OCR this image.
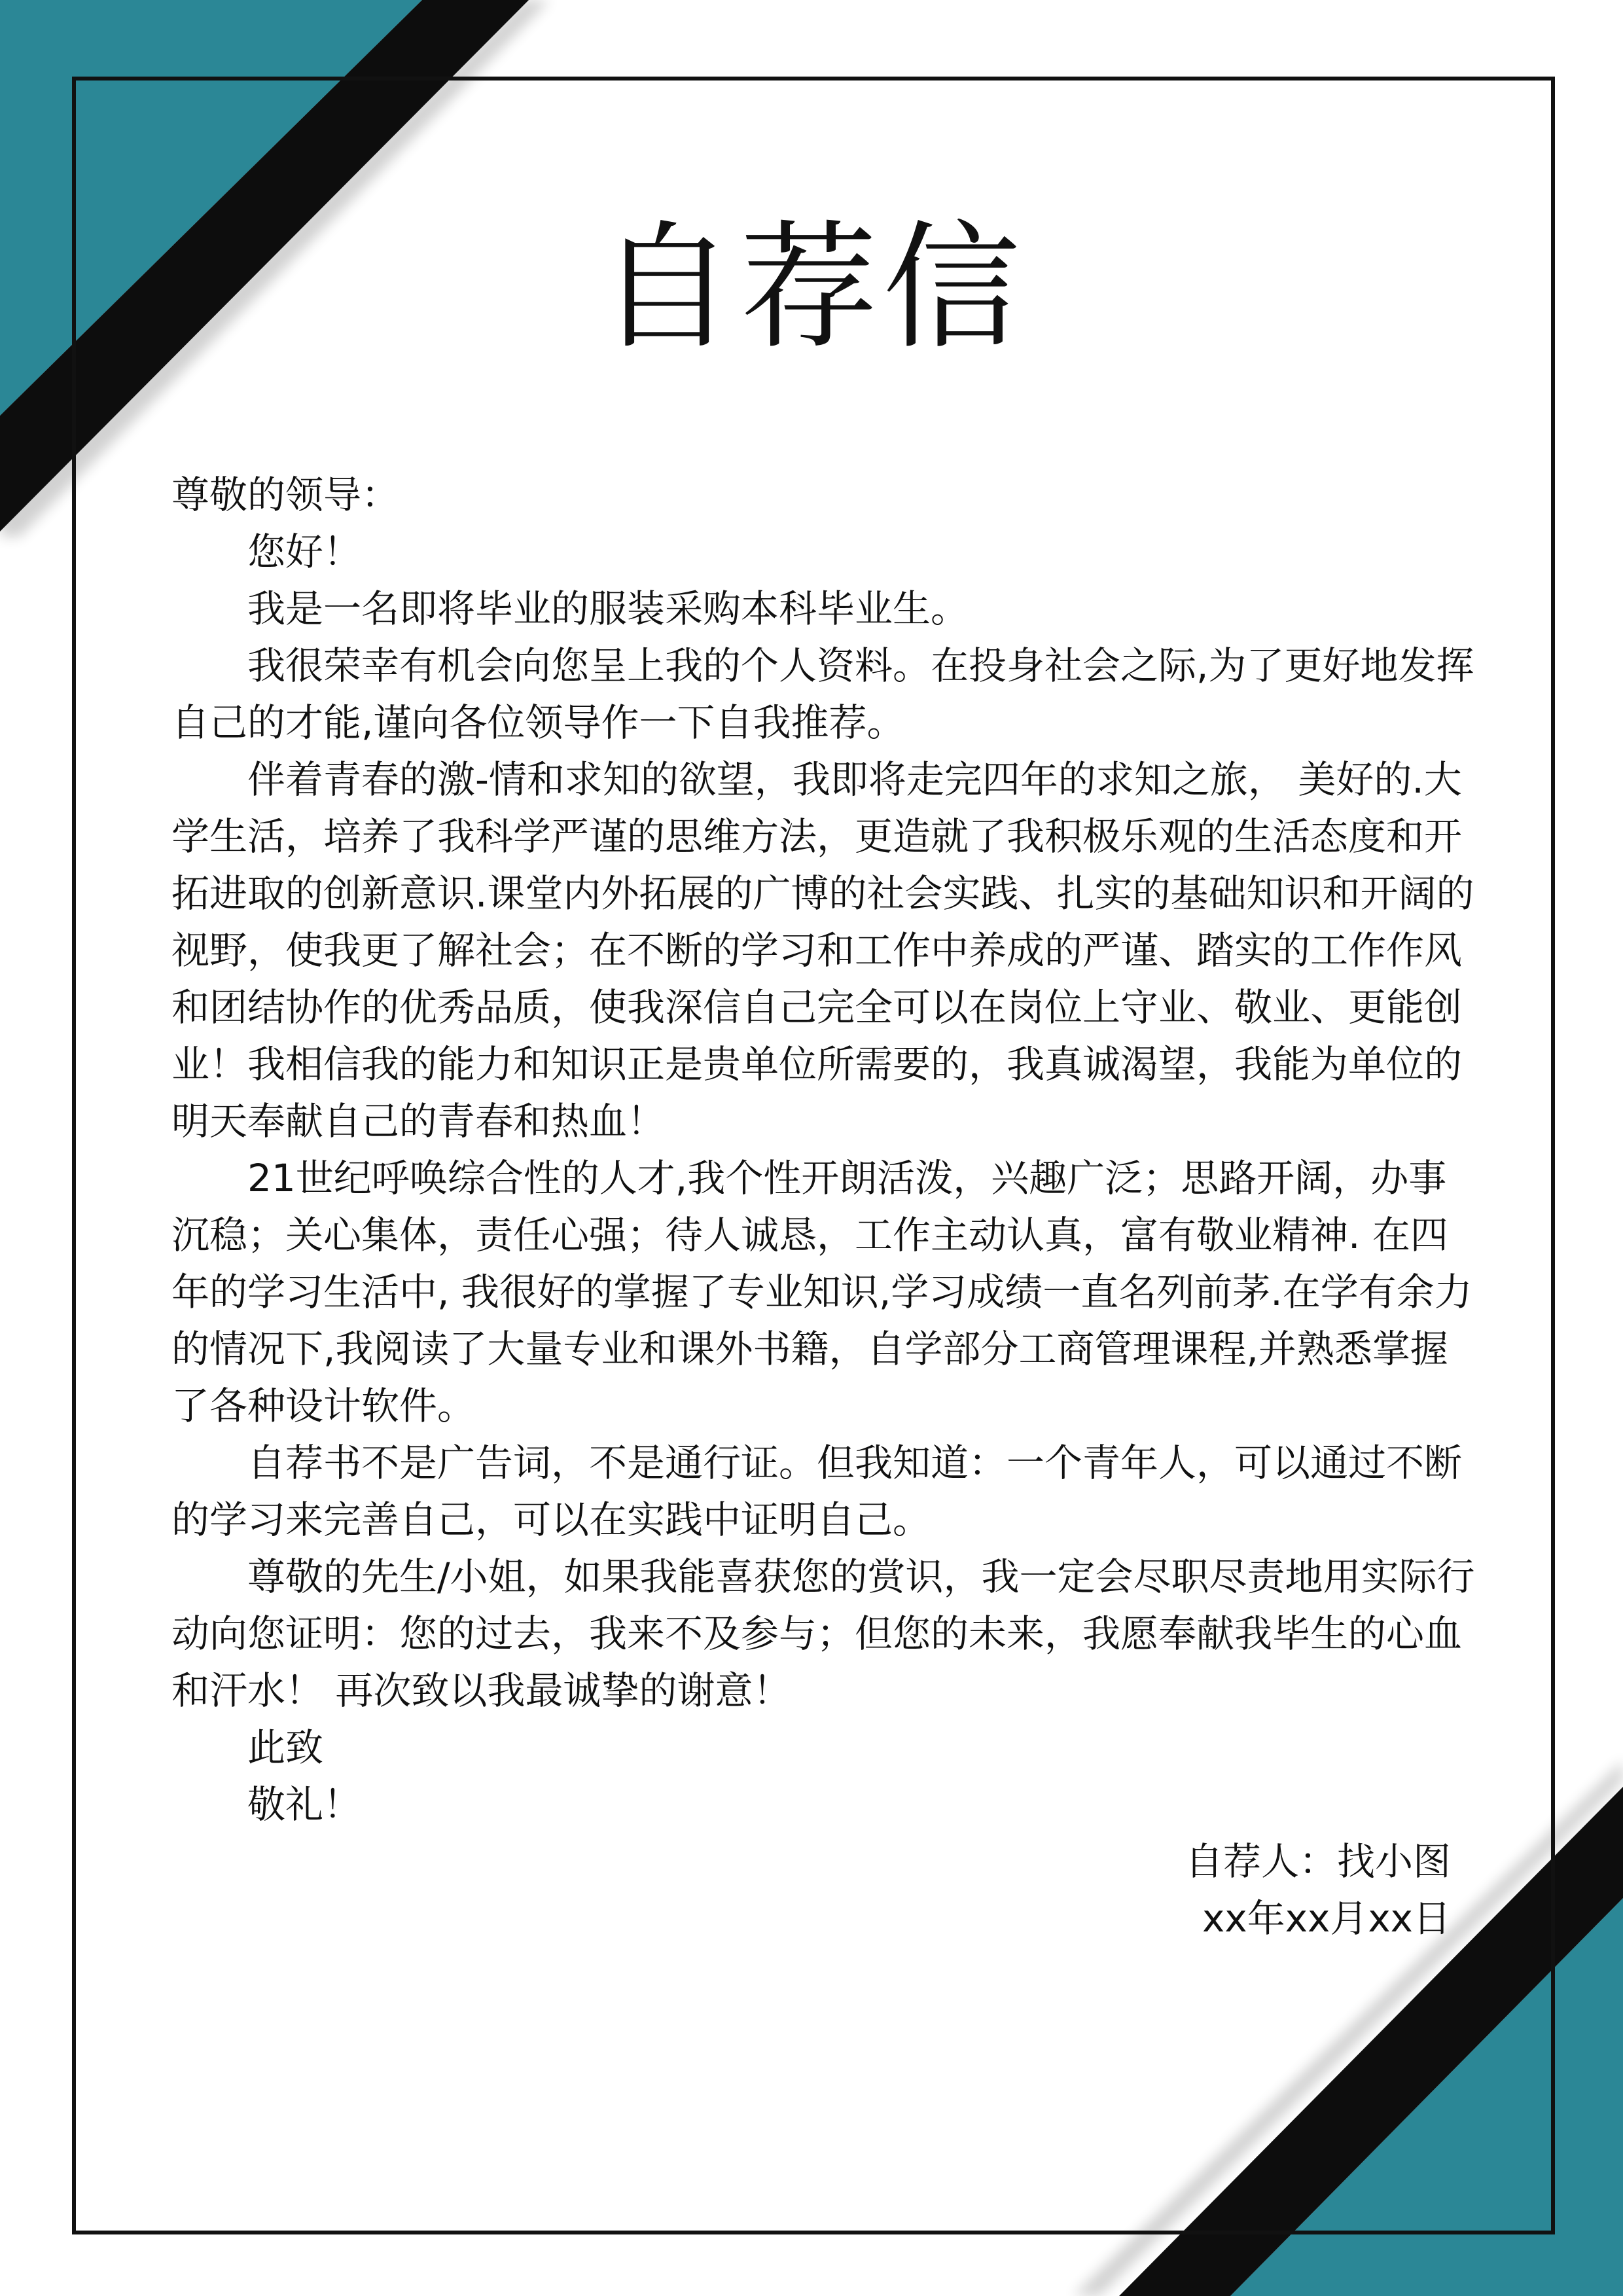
自荐信

尊敬的领导：

您好！

我是一名即将毕业的服装采购本科毕业生。

我很荣幸有机会向您呈上我的个人资料。在投身社会之际,为了更好地发挥自己的才能,谨向各位领导作一下自我推荐。

伴着青春的激-情和求知的欲望，我即将走完四年的求知之旅， 美好的.大学生活，培养了我科学严谨的思维方法，更造就了我积极乐观的生活态度和开拓进取的创新意识.课堂内外拓展的广博的社会实践、扎实的基础知识和开阔的视野，使我更了解社会；在不断的学习和工作中养成的严谨、踏实的工作作风和团结协作的优秀品质，使我深信自己完全可以在岗位上守业、敬业、更能创业！我相信我的能力和知识正是贵单位所需要的，我真诚渴望，我能为单位的明天奉献自己的青春和热血！

21世纪呼唤综合性的人才,我个性开朗活泼，兴趣广泛；思路开阔，办事沉稳；关心集体，责任心强；待人诚恳，工作主动认真，富有敬业精神. 在四年的学习生活中, 我很好的掌握了专业知识,学习成绩一直名列前茅.在学有余力的情况下,我阅读了大量专业和课外书籍，自学部分工商管理课程,并熟悉掌握了各种设计软件。

自荐书不是广告词，不是通行证。但我知道：一个青年人，可以通过不断的学习来完善自己，可以在实践中证明自己。

尊敬的先生/小姐，如果我能喜获您的赏识，我一定会尽职尽责地用实际行动向您证明：您的过去，我来不及参与；但您的未来，我愿奉献我毕生的心血和汗水！ 再次致以我最诚挚的谢意！

此致

敬礼！

自荐人：找小图

xx年xx月xx日
